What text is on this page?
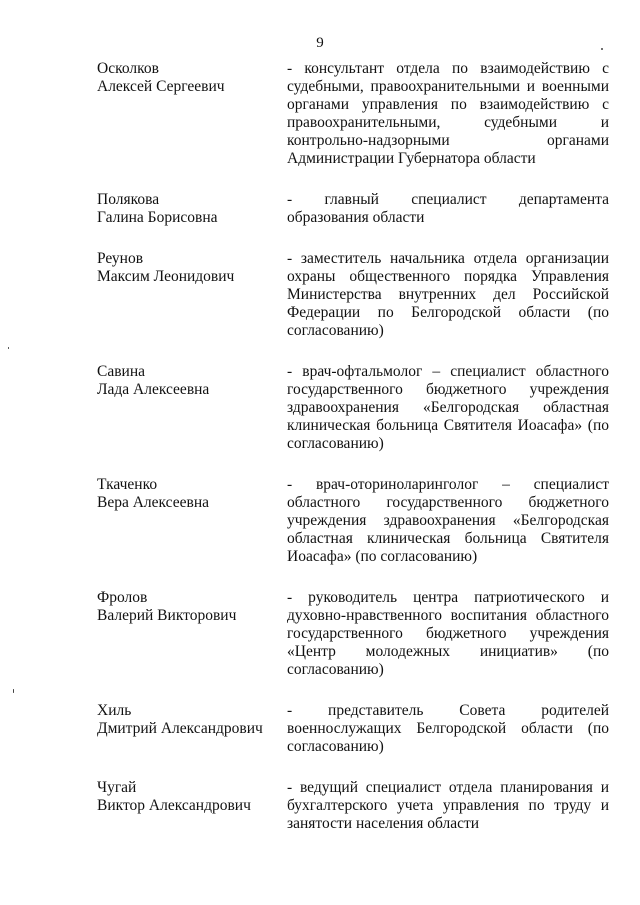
9
Осколков
Алексей Сергеевич
- консультант отдела по взаимодействию с судебными, правоохранительными и военными органами управления по взаимодействию с правоохранительными, судебными и контрольно-надзорными органами Администрации Губернатора области
Полякова
Галина Борисовна
- главный специалист департамента образования области
Реунов
Максим Леонидович
- заместитель начальника отдела организации охраны общественного порядка Управления Министерства внутренних дел Российской Федерации по Белгородской области (по согласованию)
Савина
Лада Алексеевна
- врач-офтальмолог – специалист областного государственного бюджетного учреждения здравоохранения «Белгородская областная клиническая больница Святителя Иоасафа» (по согласованию)
Ткаченко
Вера Алексеевна
- врач-оториноларинголог – специалист областного государственного бюджетного учреждения здравоохранения «Белгородская областная клиническая больница Святителя Иоасафа» (по согласованию)
Фролов
Валерий Викторович
- руководитель центра патриотического и духовно-нравственного воспитания областного государственного бюджетного учреждения «Центр молодежных инициатив» (по согласованию)
Хиль
Дмитрий Александрович
- представитель Совета родителей военнослужащих Белгородской области (по согласованию)
Чугай
Виктор Александрович
- ведущий специалист отдела планирования и бухгалтерского учета управления по труду и занятости населения области
